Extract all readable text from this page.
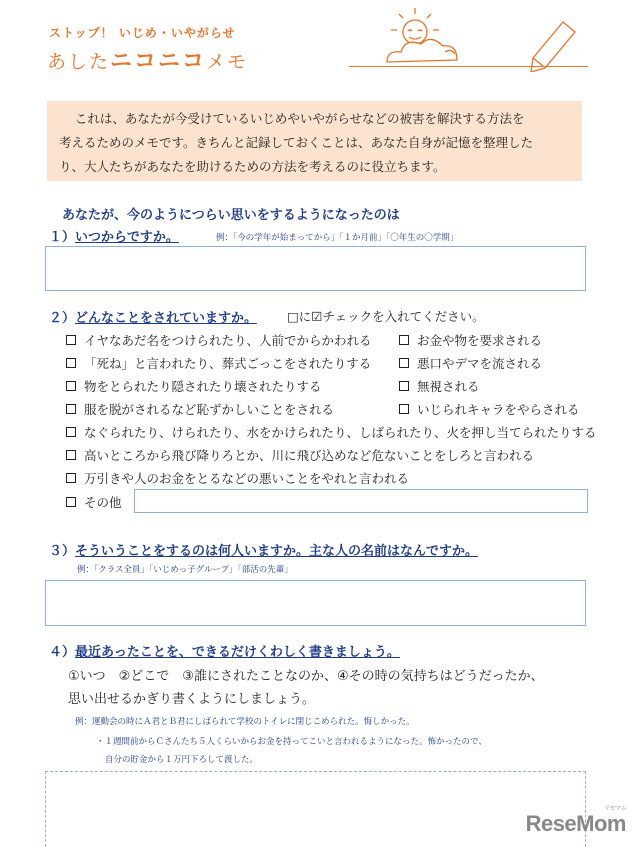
ストップ！ いじめ・いやがらせ
あしたニコニコメモ
これは、あなたが今受けているいじめやいやがらせなどの被害を解決する方法を
考えるためのメモです。きちんと記録しておくことは、あなた自身が記憶を整理した
り、大人たちがあなたを助けるための方法を考えるのに役立ちます。
あなたが、今のようにつらい思いをするようになったのは
１）いつからですか。	例：「今の学年が始まってから」「１か月前」「〇年生の〇学期」
２）どんなことをされていますか。 □に☑チェックを入れてください。
イヤなあだ名をつけられたり、人前でからかわれる
「死ね」と言われたり、葬式ごっこをされたりする
物をとられたり隠されたり壊されたりする
服を脱がされるなど恥ずかしいことをされる
お金や物を要求される
悪口やデマを流される
無視される
いじられキャラをやらされる
なぐられたり、けられたり、水をかけられたり、しばられたり、火を押し当てられたりする
高いところから飛び降りろとか、川に飛び込めなど危ないことをしろと言われる
万引きや人のお金をとるなどの悪いことをやれと言われる
その他
３）そういうことをするのは何人いますか。主な人の名前はなんですか。
例：「クラス全員」「いじめっ子グループ」「部活の先輩」
４）最近あったことを、できるだけくわしく書きましょう。
①いつ　②どこで　③誰にされたことなのか、④その時の気持ちはどうだったか、
思い出せるかぎり書くようにしましょう。
例：運動会の時にＡ君とＢ君にしばられて学校のトイレに閉じこめられた。悔しかった。
・１週間前からＣさんたち５人くらいからお金を持ってこいと言われるようになった。怖かったので、
自分の貯金から１万円下ろして渡した。
ReseMom
リセマム
